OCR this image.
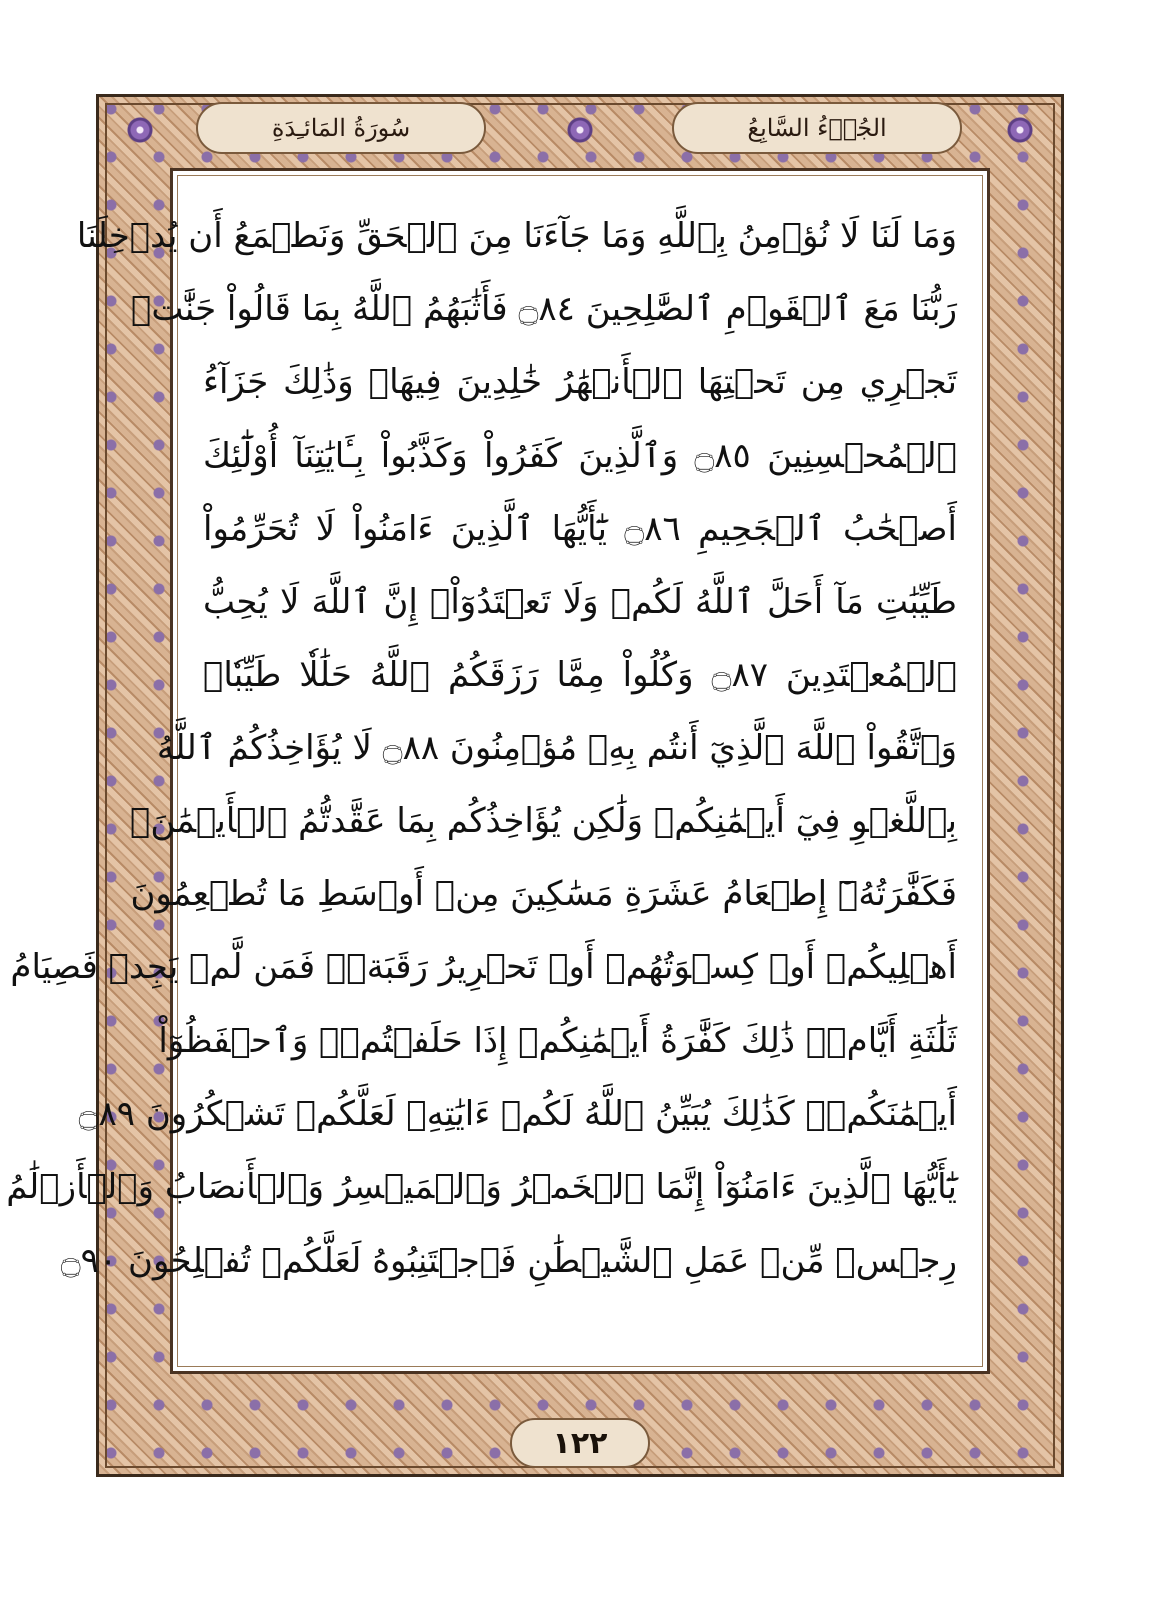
سُورَةُ المَائـِدَةِ	الجُزۡءُ السَّابِعُ
وَمَا لَنَا لَا نُؤۡمِنُ بِٱللَّهِ وَمَا جَآءَنَا مِنَ ٱلۡحَقِّ وَنَطۡمَعُ أَن يُدۡخِلَنَا
رَبُّنَا مَعَ ٱلۡقَوۡمِ ٱلصَّٰلِحِينَ ۝٨٤ فَأَثَٰبَهُمُ ٱللَّهُ بِمَا قَالُواْ جَنَّٰتٖ
تَجۡرِي مِن تَحۡتِهَا ٱلۡأَنۡهَٰرُ خَٰلِدِينَ فِيهَاۚ وَذَٰلِكَ جَزَآءُ
ٱلۡمُحۡسِنِينَ ۝٨٥ وَٱلَّذِينَ كَفَرُواْ وَكَذَّبُواْ بِـَٔايَٰتِنَآ أُوْلَٰٓئِكَ
أَصۡحَٰبُ ٱلۡجَحِيمِ ۝٨٦ يَٰٓأَيُّهَا ٱلَّذِينَ ءَامَنُواْ لَا تُحَرِّمُواْ
طَيِّبَٰتِ مَآ أَحَلَّ ٱللَّهُ لَكُمۡ وَلَا تَعۡتَدُوٓاْۚ إِنَّ ٱللَّهَ لَا يُحِبُّ
ٱلۡمُعۡتَدِينَ ۝٨٧ وَكُلُواْ مِمَّا رَزَقَكُمُ ٱللَّهُ حَلَٰلٗا طَيِّبٗاۚ
وَٱتَّقُواْ ٱللَّهَ ٱلَّذِيٓ أَنتُم بِهِۦ مُؤۡمِنُونَ ۝٨٨ لَا يُؤَاخِذُكُمُ ٱللَّهُ
بِٱللَّغۡوِ فِيٓ أَيۡمَٰنِكُمۡ وَلَٰكِن يُؤَاخِذُكُم بِمَا عَقَّدتُّمُ ٱلۡأَيۡمَٰنَۖ
فَكَفَّٰرَتُهُۥٓ إِطۡعَامُ عَشَرَةِ مَسَٰكِينَ مِنۡ أَوۡسَطِ مَا تُطۡعِمُونَ
أَهۡلِيكُمۡ أَوۡ كِسۡوَتُهُمۡ أَوۡ تَحۡرِيرُ رَقَبَةٖۖ فَمَن لَّمۡ يَجِدۡ فَصِيَامُ
ثَلَٰثَةِ أَيَّامٖۚ ذَٰلِكَ كَفَّٰرَةُ أَيۡمَٰنِكُمۡ إِذَا حَلَفۡتُمۡۚ وَٱحۡفَظُوٓاْ
أَيۡمَٰنَكُمۡۚ كَذَٰلِكَ يُبَيِّنُ ٱللَّهُ لَكُمۡ ءَايَٰتِهِۦ لَعَلَّكُمۡ تَشۡكُرُونَ ۝٨٩
يَٰٓأَيُّهَا ٱلَّذِينَ ءَامَنُوٓاْ إِنَّمَا ٱلۡخَمۡرُ وَٱلۡمَيۡسِرُ وَٱلۡأَنصَابُ وَٱلۡأَزۡلَٰمُ
رِجۡسٞ مِّنۡ عَمَلِ ٱلشَّيۡطَٰنِ فَٱجۡتَنِبُوهُ لَعَلَّكُمۡ تُفۡلِحُونَ ۝٩٠
١٢٢
